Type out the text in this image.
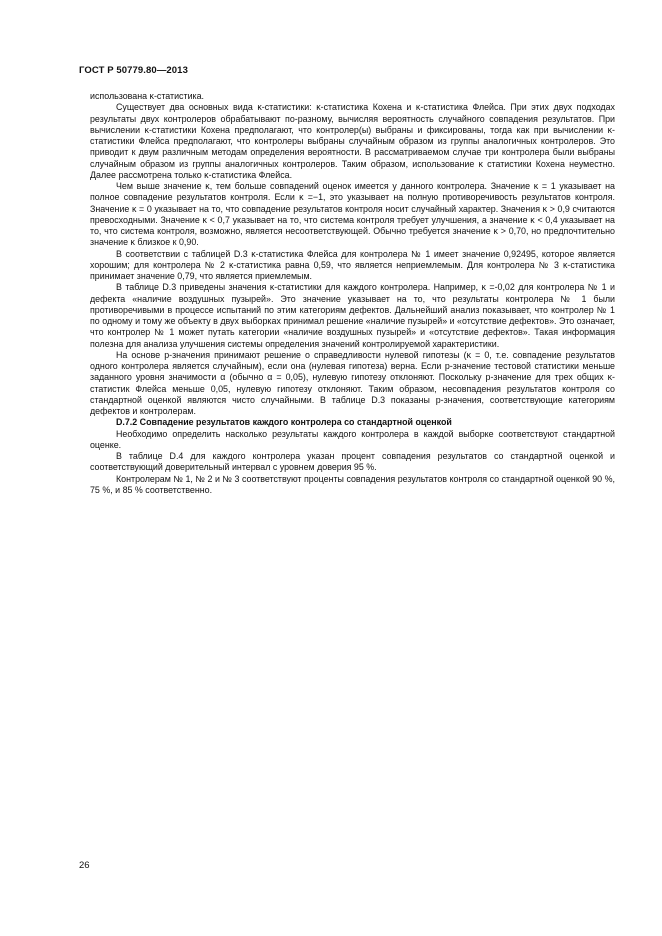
ГОСТ Р 50779.80—2013

использована κ-статистика.

Существует два основных вида κ-статистики: κ-статистика Кохена и κ-статистика Флейса. При этих двух подходах результаты двух контролеров обрабатывают по-разному, вычисляя вероятность случайного совпадения результатов. При вычислении κ-статистики Кохена предполагают, что контролер(ы) выбраны и фиксированы, тогда как при вычислении κ-статистики Флейса предполагают, что контролеры выбраны случайным образом из группы аналогичных контролеров. Это приводит к двум различным методам определения вероятности. В рассматриваемом случае три контролера были выбраны случайным образом из группы аналогичных контролеров. Таким образом, использование κ статистики Кохена неуместно. Далее рассмотрена только κ-статистика Флейса.

Чем выше значение κ, тем больше совпадений оценок имеется у данного контролера. Значение κ = 1 указывает на полное совпадение результатов контроля. Если κ =−1, это указывает на полную противоречивость результатов контроля. Значение κ = 0 указывает на то, что совпадение результатов контроля носит случайный характер. Значения κ > 0,9 считаются превосходными. Значение κ < 0,7 указывает на то, что система контроля требует улучшения, а значение κ < 0,4 указывает на то, что система контроля, возможно, является несоответствующей. Обычно требуется значение κ > 0,70, но предпочтительно значение κ близкое к 0,90.

В соответствии с таблицей D.3 κ-статистика Флейса для контролера № 1 имеет значение 0,92495, которое является хорошим; для контролера № 2 κ-статистика равна 0,59, что является неприемлемым. Для контролера № 3 κ-статистика принимает значение 0,79, что является приемлемым.

В таблице D.3 приведены значения κ-статистики для каждого контролера. Например, κ =-0,02 для контролера № 1 и дефекта «наличие воздушных пузырей». Это значение указывает на то, что результаты контролера № 1 были противоречивыми в процессе испытаний по этим категориям дефектов. Дальнейший анализ показывает, что контролер № 1 по одному и тому же объекту в двух выборках принимал решение «наличие пузырей» и «отсутствие дефектов». Это означает, что контролер № 1 может путать категории «наличие воздушных пузырей» и «отсутствие дефектов». Такая информация полезна для анализа улучшения системы определения значений контролируемой характеристики.

На основе p-значения принимают решение о справедливости нулевой гипотезы (κ = 0, т.е. совпадение результатов одного контролера является случайным), если она (нулевая гипотеза) верна. Если p-значение тестовой статистики меньше заданного уровня значимости α (обычно α = 0,05), нулевую гипотезу отклоняют. Поскольку p-значение для трех общих κ-статистик Флейса меньше 0,05, нулевую гипотезу отклоняют. Таким образом, несовпадения результатов контроля со стандартной оценкой являются чисто случайными. В таблице D.3 показаны p-значения, соответствующие категориям дефектов и контролерам.

D.7.2 Совпадение результатов каждого контролера со стандартной оценкой

Необходимо определить насколько результаты каждого контролера в каждой выборке соответствуют стандартной оценке.

В таблице D.4 для каждого контролера указан процент совпадения результатов со стандартной оценкой и соответствующий доверительный интервал с уровнем доверия 95 %.

Контролерам № 1, № 2 и № 3 соответствуют проценты совпадения результатов контроля со стандартной оценкой 90 %, 75 %, и 85 % соответственно.

26
